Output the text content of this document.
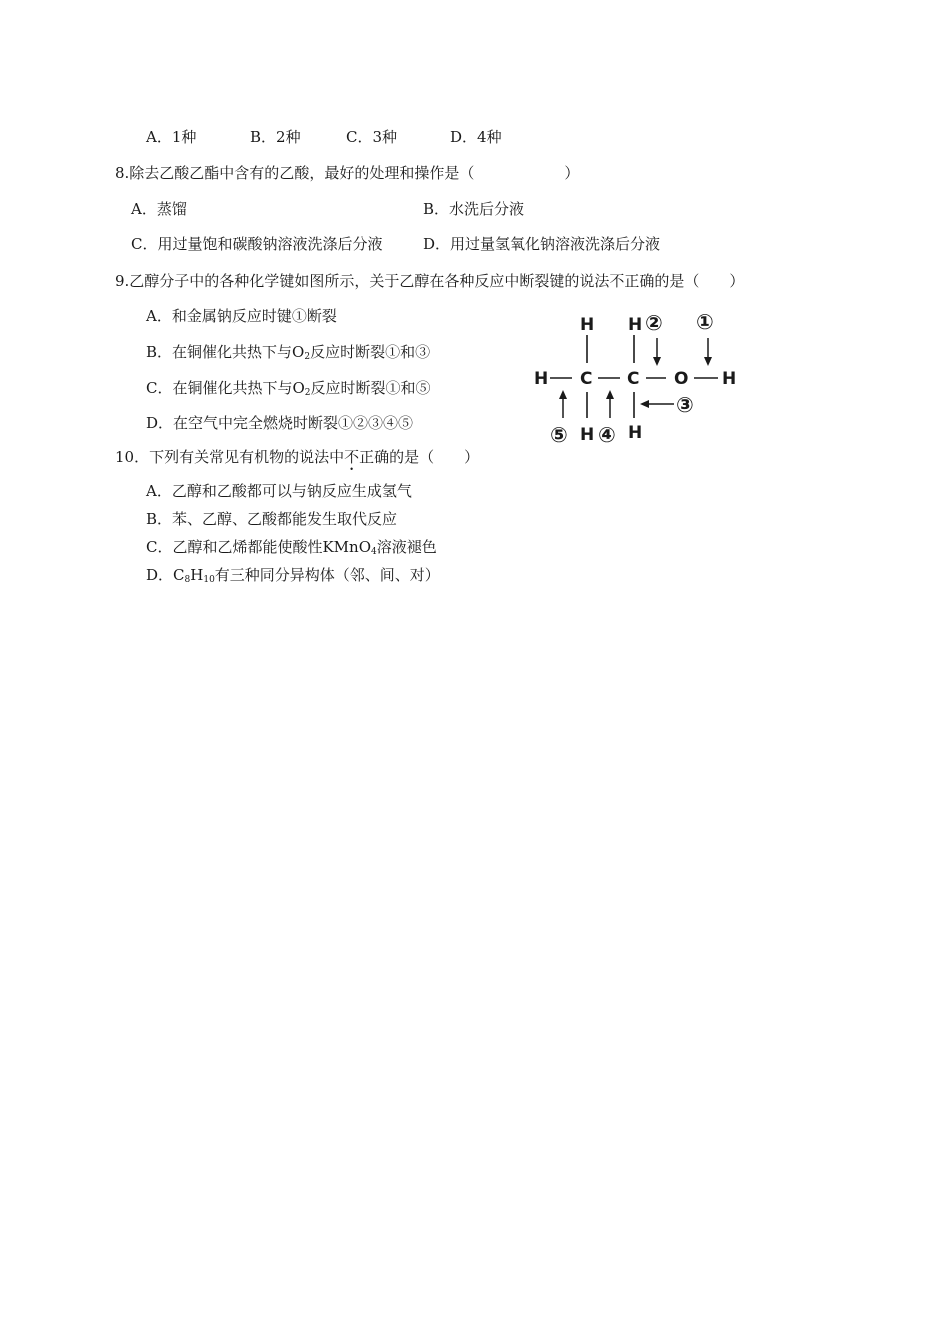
A．1种	B．2种	C．3种	D．4种
8.除去乙酸乙酯中含有的乙酸，最好的处理和操作是（　　　　　　）
A．蒸馏	B．水洗后分液
C．用过量饱和碳酸钠溶液洗涤后分液	D．用过量氢氧化钠溶液洗涤后分液
9.乙醇分子中的各种化学键如图所示，关于乙醇在各种反应中断裂键的说法不正确的是（　　）
A．和金属钠反应时键①断裂
B．在铜催化共热下与$O_2$反应时断裂①和③
C．在铜催化共热下与$O_2$反应时断裂①和⑤
D．在空气中完全燃烧时断裂①②③④⑤
H H ② ①
H C C O H
③
⑤ H ④ H
10．下列有关常见有机物的说法中不正确的是（　　）
A．乙醇和乙酸都可以与钠反应生成氢气
B．苯、乙醇、乙酸都能发生取代反应
C．乙醇和乙烯都能使酸性KMnO$_4$溶液褪色
D．$C_8H_{10}$有三种同分异构体（邻、间、对）
